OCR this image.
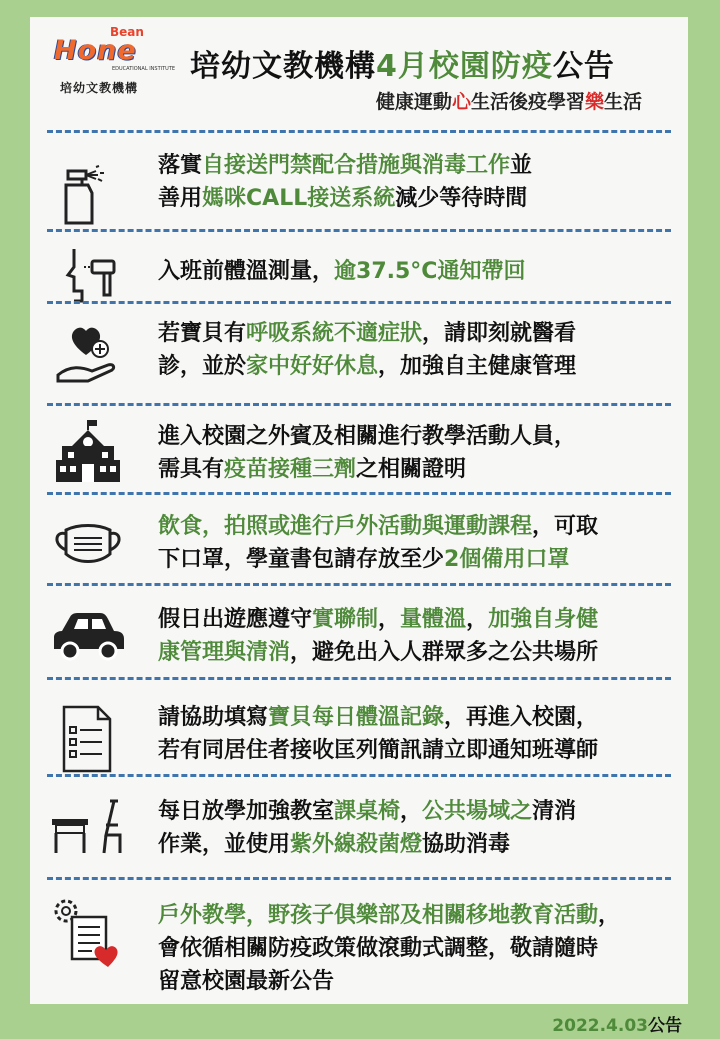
Bean
Hone
EDUCATIONAL INSTITUTE
培幼文教機構
培幼文教機構4月校園防疫公告
健康運動心生活後疫學習樂生活
落實自接送門禁配合措施與消毒工作並
善用媽咪CALL接送系統減少等待時間
入班前體溫測量，逾37.5°C通知帶回
若寶貝有呼吸系統不適症狀，請即刻就醫看
診，並於家中好好休息，加強自主健康管理
進入校園之外賓及相關進行教學活動人員，
需具有疫苗接種三劑之相關證明
飲食，拍照或進行戶外活動與運動課程，可取
下口罩，學童書包請存放至少2個備用口罩
假日出遊應遵守實聯制，量體溫，加強自身健
康管理與清消，避免出入人群眾多之公共場所
請協助填寫寶貝每日體溫記錄，再進入校園，
若有同居住者接收匡列簡訊請立即通知班導師
每日放學加強教室課桌椅，公共場域之清消
作業，並使用紫外線殺菌燈協助消毒
戶外教學，野孩子俱樂部及相關移地教育活動，
會依循相關防疫政策做滾動式調整，敬請隨時
留意校園最新公告
2022.4.03公告
